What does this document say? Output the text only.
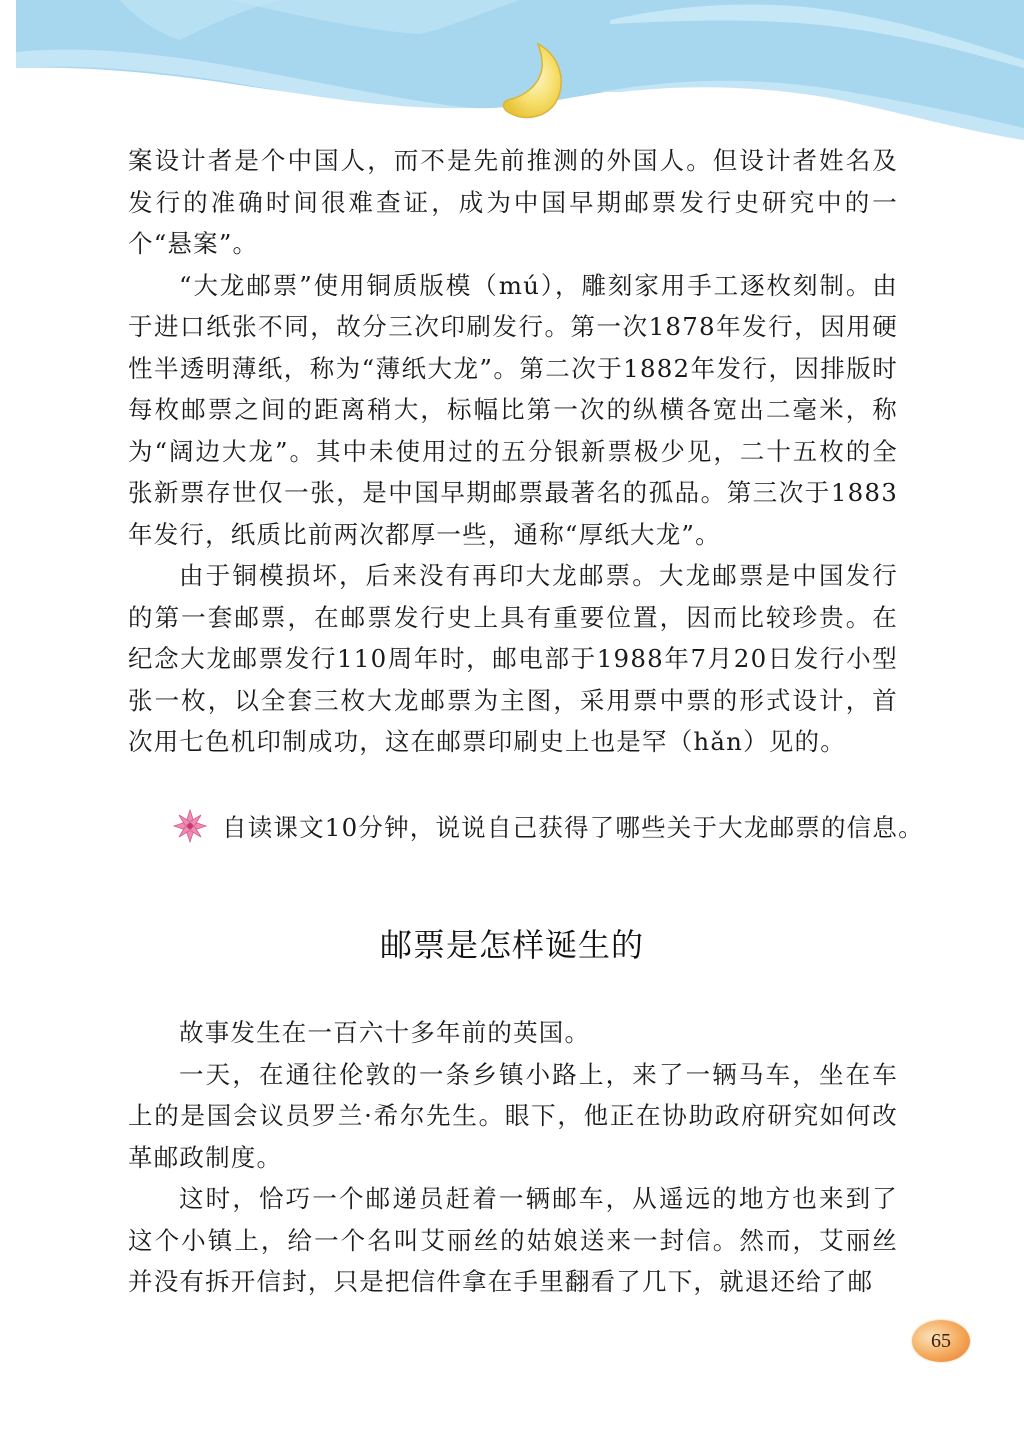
案设计者是个中国人，而不是先前推测的外国人。但设计者姓名及发行的准确时间很难查证，成为中国早期邮票发行史研究中的一个“悬案”。

“大龙邮票”使用铜质版模（mú），雕刻家用手工逐枚刻制。由于进口纸张不同，故分三次印刷发行。第一次1878年发行，因用硬性半透明薄纸，称为“薄纸大龙”。第二次于1882年发行，因排版时每枚邮票之间的距离稍大，标幅比第一次的纵横各宽出二毫米，称为“阔边大龙”。其中未使用过的五分银新票极少见，二十五枚的全张新票存世仅一张，是中国早期邮票最著名的孤品。第三次于1883年发行，纸质比前两次都厚一些，通称“厚纸大龙”。

由于铜模损坏，后来没有再印大龙邮票。大龙邮票是中国发行的第一套邮票，在邮票发行史上具有重要位置，因而比较珍贵。在纪念大龙邮票发行110周年时，邮电部于1988年7月20日发行小型张一枚，以全套三枚大龙邮票为主图，采用票中票的形式设计，首次用七色机印制成功，这在邮票印刷史上也是罕（hǎn）见的。

自读课文10分钟，说说自己获得了哪些关于大龙邮票的信息。
邮票是怎样诞生的

故事发生在一百六十多年前的英国。

一天，在通往伦敦的一条乡镇小路上，来了一辆马车，坐在车上的是国会议员罗兰·希尔先生。眼下，他正在协助政府研究如何改革邮政制度。

这时，恰巧一个邮递员赶着一辆邮车，从遥远的地方也来到了这个小镇上，给一个名叫艾丽丝的姑娘送来一封信。然而，艾丽丝并没有拆开信封，只是把信件拿在手里翻看了几下，就退还给了邮

65
